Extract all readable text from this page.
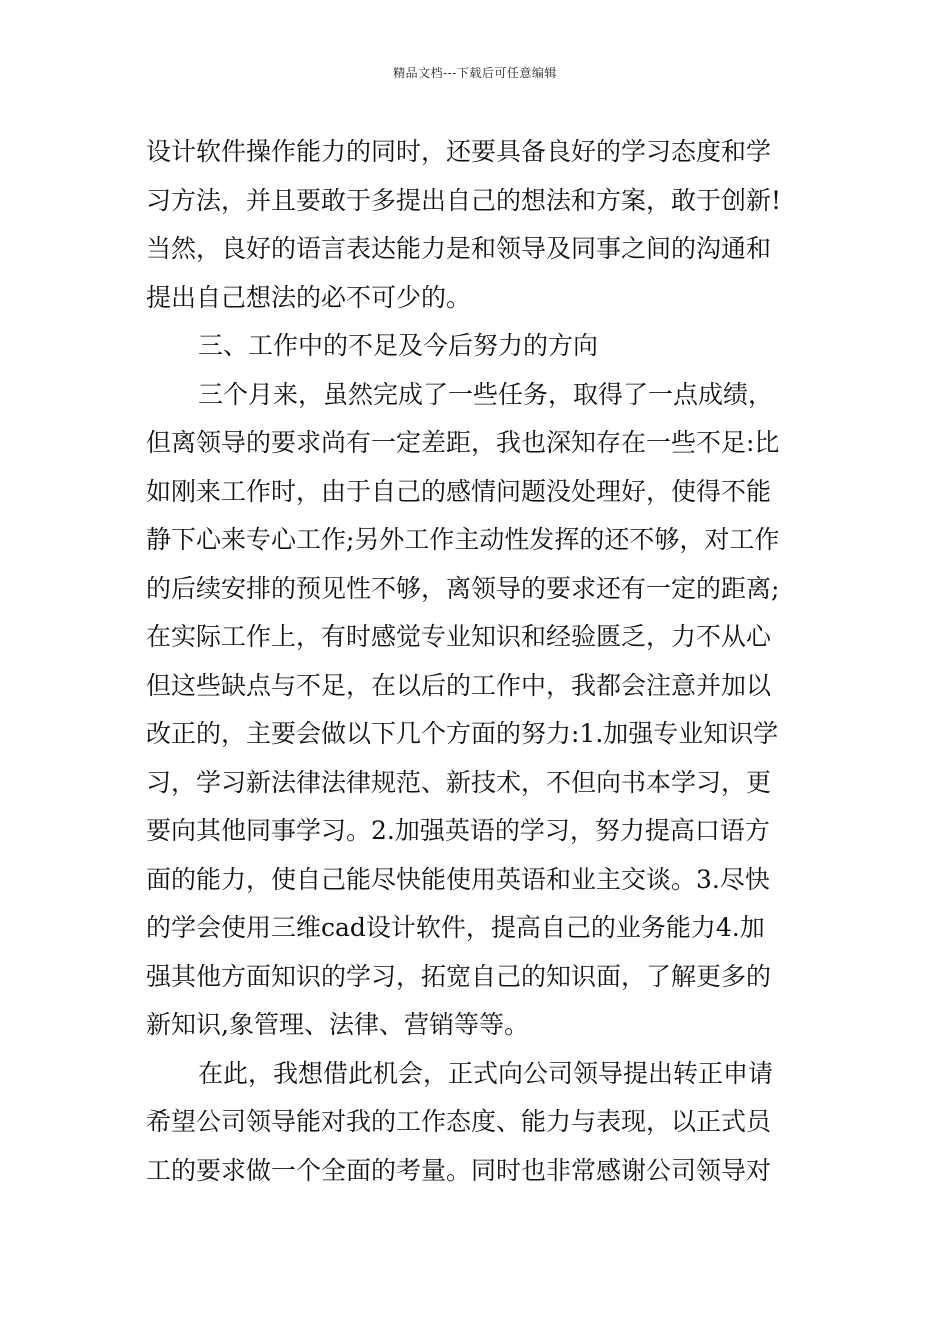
精品文档---下载后可任意编辑
设计软件操作能力的同时，还要具备良好的学习态度和学
习方法，并且要敢于多提出自己的想法和方案，敢于创新!
当然，良好的语言表达能力是和领导及同事之间的沟通和
提出自己想法的必不可少的。
三、工作中的不足及今后努力的方向
三个月来，虽然完成了一些任务，取得了一点成绩，
但离领导的要求尚有一定差距，我也深知存在一些不足:比
如刚来工作时，由于自己的感情问题没处理好，使得不能
静下心来专心工作;另外工作主动性发挥的还不够，对工作
的后续安排的预见性不够，离领导的要求还有一定的距离;
在实际工作上，有时感觉专业知识和经验匮乏，力不从心
但这些缺点与不足，在以后的工作中，我都会注意并加以
改正的，主要会做以下几个方面的努力:1.加强专业知识学
习，学习新法律法律规范、新技术，不但向书本学习，更
要向其他同事学习。2.加强英语的学习，努力提高口语方
面的能力，使自己能尽快能使用英语和业主交谈。3.尽快
的学会使用三维cad设计软件，提高自己的业务能力4.加
强其他方面知识的学习，拓宽自己的知识面，了解更多的
新知识,象管理、法律、营销等等。
在此，我想借此机会，正式向公司领导提出转正申请
希望公司领导能对我的工作态度、能力与表现，以正式员
工的要求做一个全面的考量。同时也非常感谢公司领导对
